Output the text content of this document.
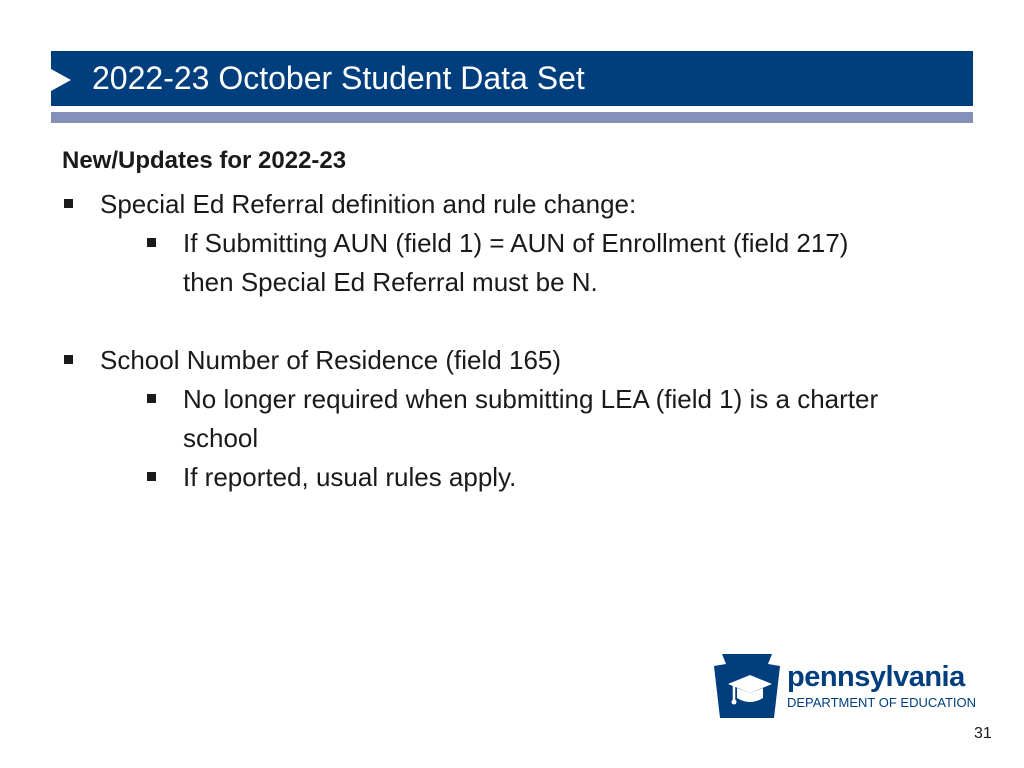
2022-23 October Student Data Set
New/Updates for 2022-23
Special Ed Referral definition and rule change:
If Submitting AUN (field 1) = AUN of Enrollment (field 217)
then Special Ed Referral must be N.
School Number of Residence (field 165)
No longer required when submitting LEA (field 1) is a charter
school
If reported, usual rules apply.
pennsylvania
DEPARTMENT OF EDUCATION
31
